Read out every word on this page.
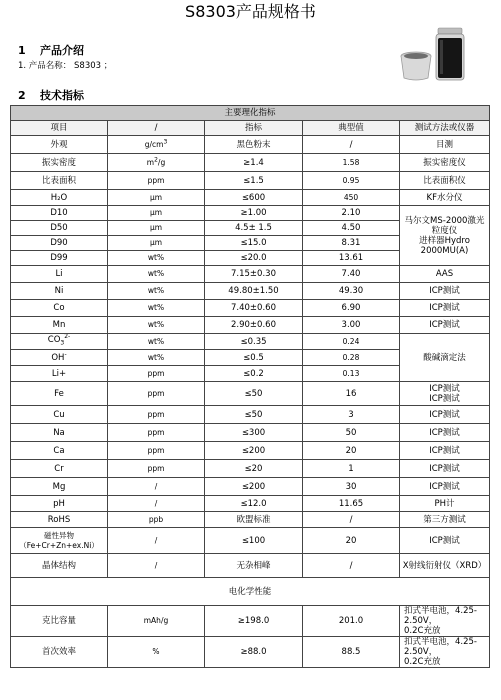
S8303产品规格书
1 产品介绍
1. 产品名称： S8303 ；
2 技术指标
主要理化指标				
项目	/	指标	典型值	测试方法或仪器
外观	$g/cm^3$	黑色粉末	/	目测
振实密度	$m^2/g$	≥1.4	1.58	振实密度仪
比表面积	ppm	≤1.5	0.95	比表面积仪
H₂O	μm	≤600	450	KF水分仪
D10	μm	≥1.00	2.10	马尔文MS-2000激光粒度仪
进样器Hydro 2000MU(A)
D50	μm	4.5± 1.5	4.50	
D90	μm	≤15.0	8.31	
D99	wt%	≤20.0	13.61	
Li	wt%	7.15±0.30	7.40	AAS
Ni	wt%	49.80±1.50	49.30	ICP测试
Co	wt%	7.40±0.60	6.90	ICP测试
Mn	wt%	2.90±0.60	3.00	ICP测试
$CO_3^{2-}$	wt%	≤0.35	0.24	酸碱滴定法
OH-	wt%	≤0.5	0.28	
Li+	ppm	≤0.2	0.13	
Fe	ppm	≤50	16	ICP测试
ICP测试
Cu	ppm	≤50	3	ICP测试
Na	ppm	≤300	50	ICP测试
Ca	ppm	≤200	20	ICP测试
Cr	ppm	≤20	1	ICP测试
Mg	/	≤200	30	ICP测试
pH	/	≤12.0	11.65	PH计
RoHS	ppb	欧盟标准	/	第三方测试
磁性异物
（Fe+Cr+Zn+ex.Ni）	/	≤100	20	ICP测试
晶体结构	/	无杂相峰	/	X射线衍射仪（XRD）
电化学性能				
克比容量	mAh/g	≥198.0	201.0	扣式半电池，4.25-2.50V，
0.2C充放
首次效率	%	≥88.0	88.5	扣式半电池，4.25-2.50V，
0.2C充放
